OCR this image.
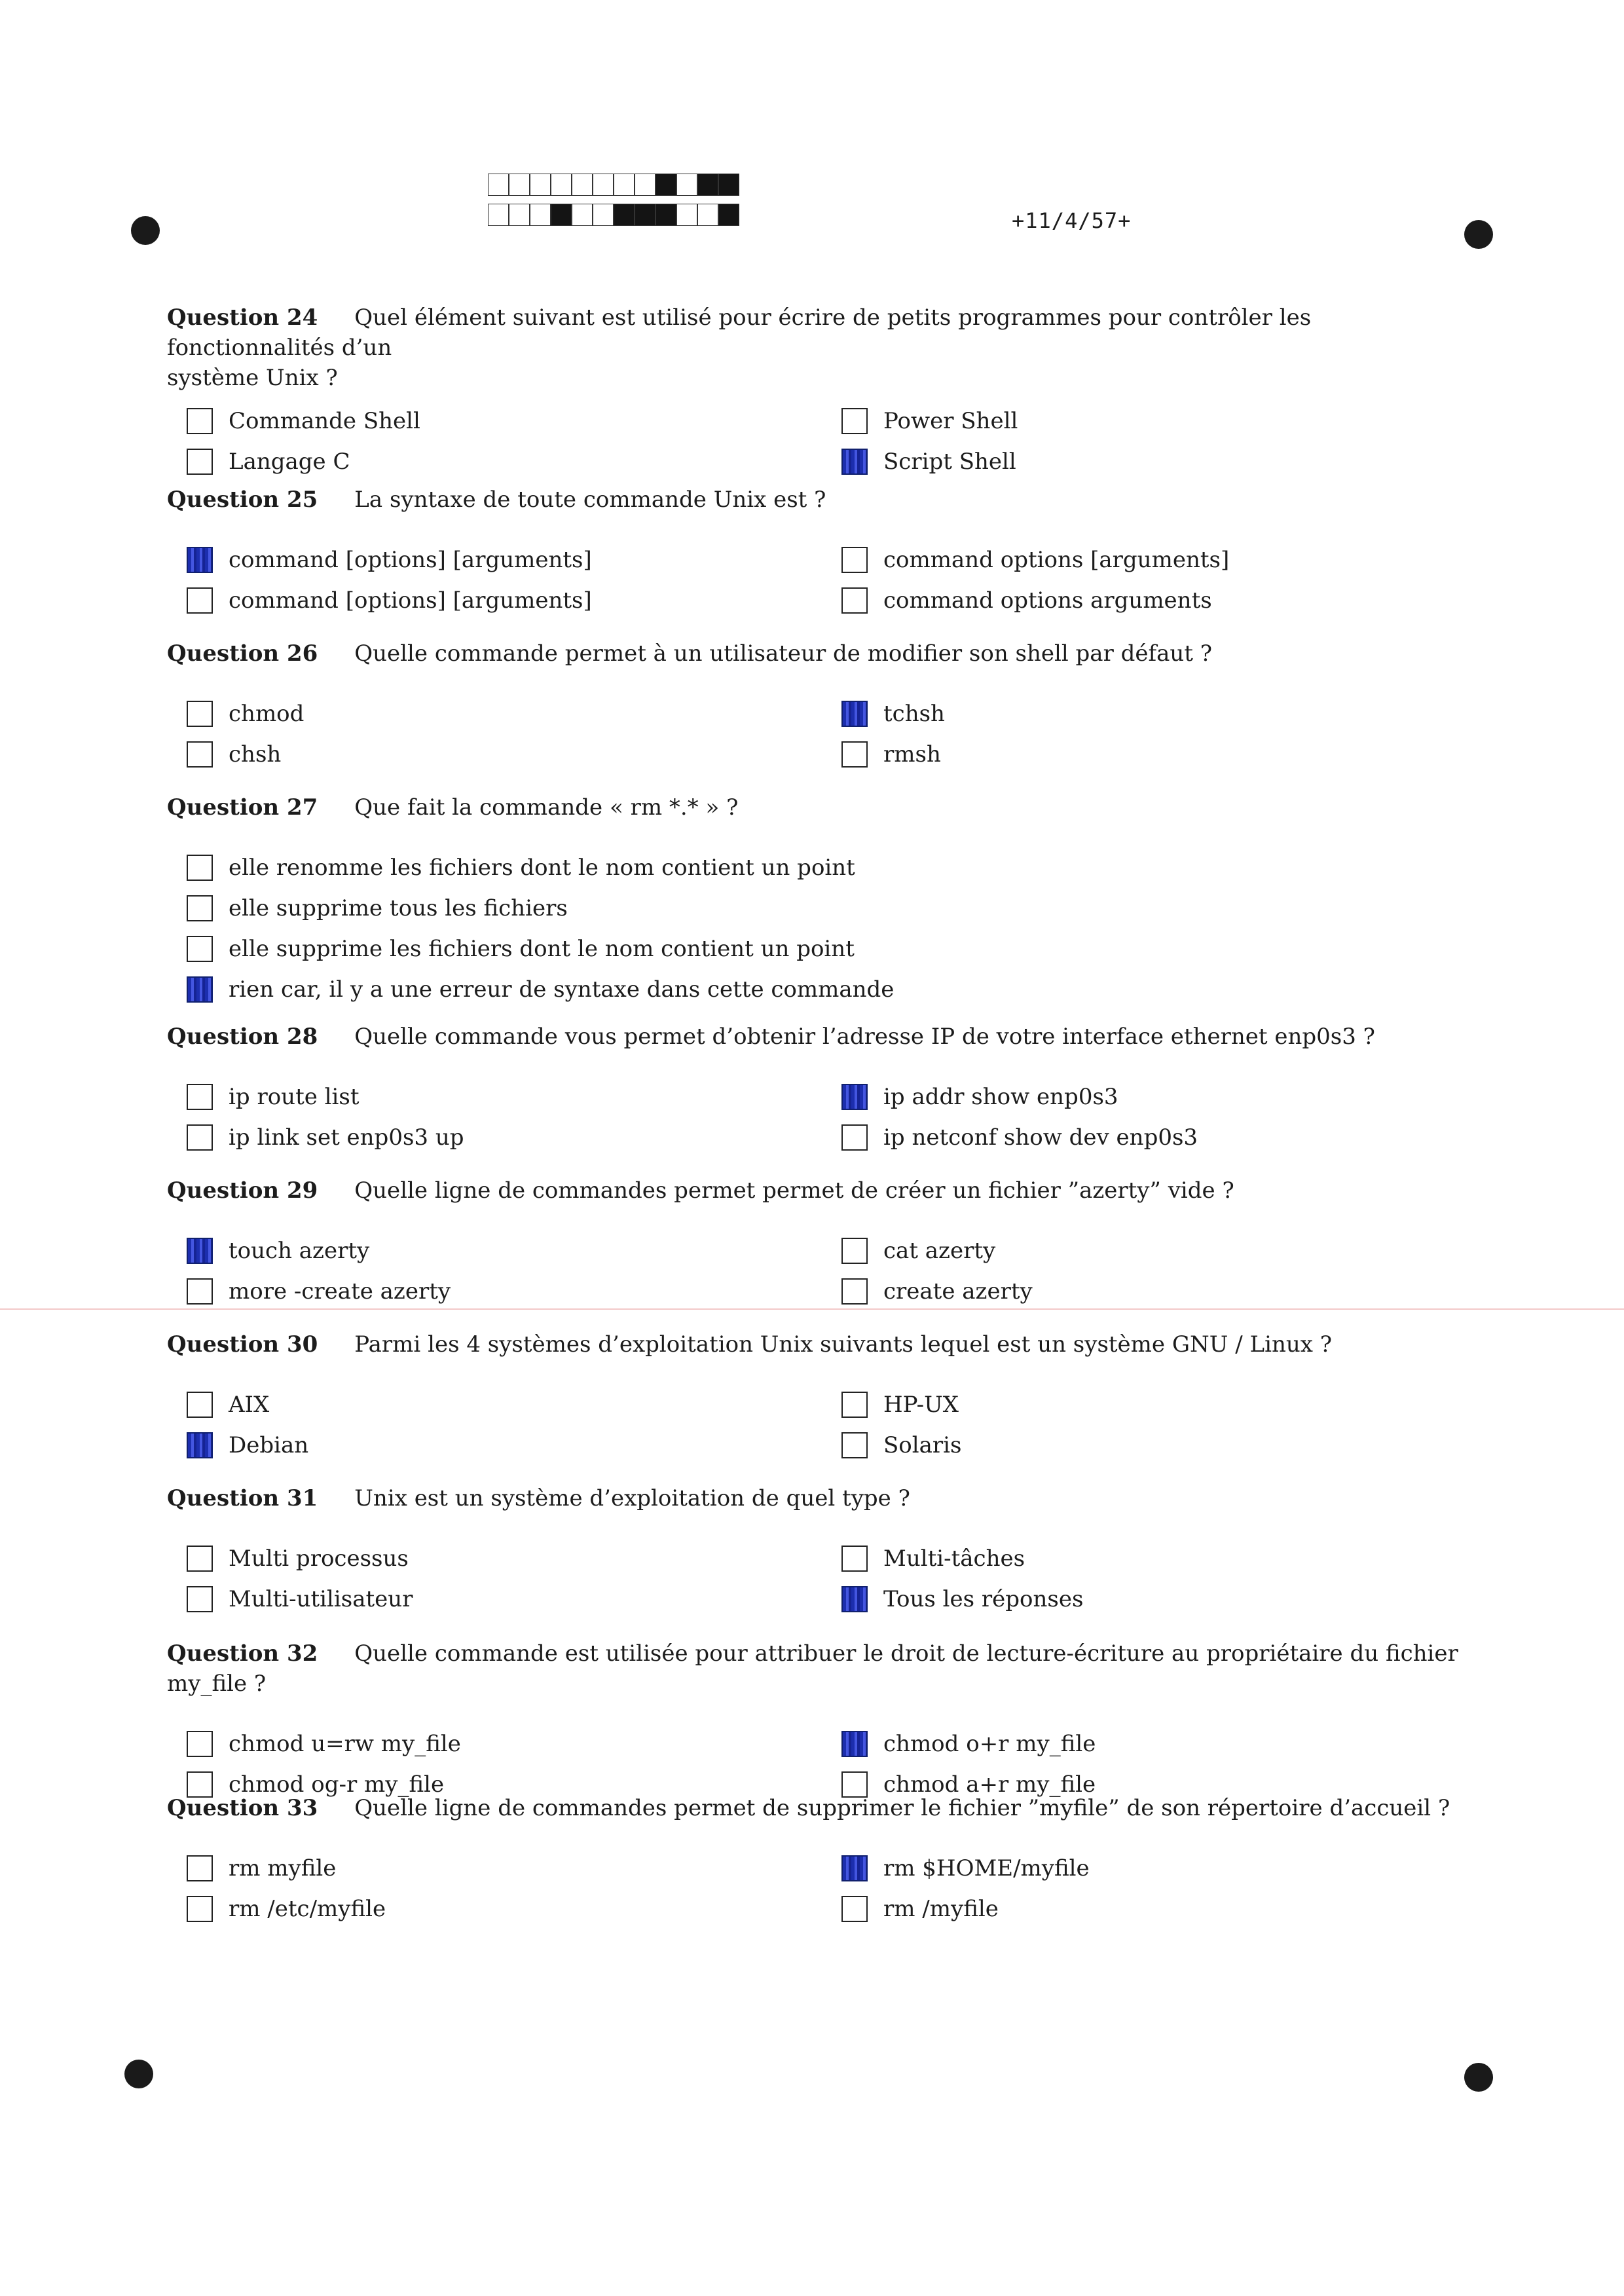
+11/4/57+
Question 24 Quel élément suivant est utilisé pour écrire de petits programmes pour contrôler les fonctionnalités d’un
système Unix ?
Commande Shell
Langage C
Power Shell
Script Shell
Question 25 La syntaxe de toute commande Unix est ?
command [options] [arguments]
command [options] [arguments]
command options [arguments]
command options arguments
Question 26 Quelle commande permet à un utilisateur de modifier son shell par défaut ?
chmod
chsh
tchsh
rmsh
Question 27 Que fait la commande « rm *.* » ?
elle renomme les fichiers dont le nom contient un point
elle supprime tous les fichiers
elle supprime les fichiers dont le nom contient un point
rien car, il y a une erreur de syntaxe dans cette commande
Question 28 Quelle commande vous permet d’obtenir l’adresse IP de votre interface ethernet enp0s3 ?
ip route list
ip link set enp0s3 up
ip addr show enp0s3
ip netconf show dev enp0s3
Question 29 Quelle ligne de commandes permet permet de créer un fichier ”azerty” vide ?
touch azerty
more -create azerty
cat azerty
create azerty
Question 30 Parmi les 4 systèmes d’exploitation Unix suivants lequel est un système GNU / Linux ?
AIX
Debian
HP-UX
Solaris
Question 31 Unix est un système d’exploitation de quel type ?
Multi processus
Multi-utilisateur
Multi-tâches
Tous les réponses
Question 32 Quelle commande est utilisée pour attribuer le droit de lecture-écriture au propriétaire du fichier my_file ?
chmod u=rw my_file
chmod og-r my_file
chmod o+r my_file
chmod a+r my_file
Question 33 Quelle ligne de commandes permet de supprimer le fichier ”myfile” de son répertoire d’accueil ?
rm myfile
rm /etc/myfile
rm $HOME/myfile
rm /myfile
